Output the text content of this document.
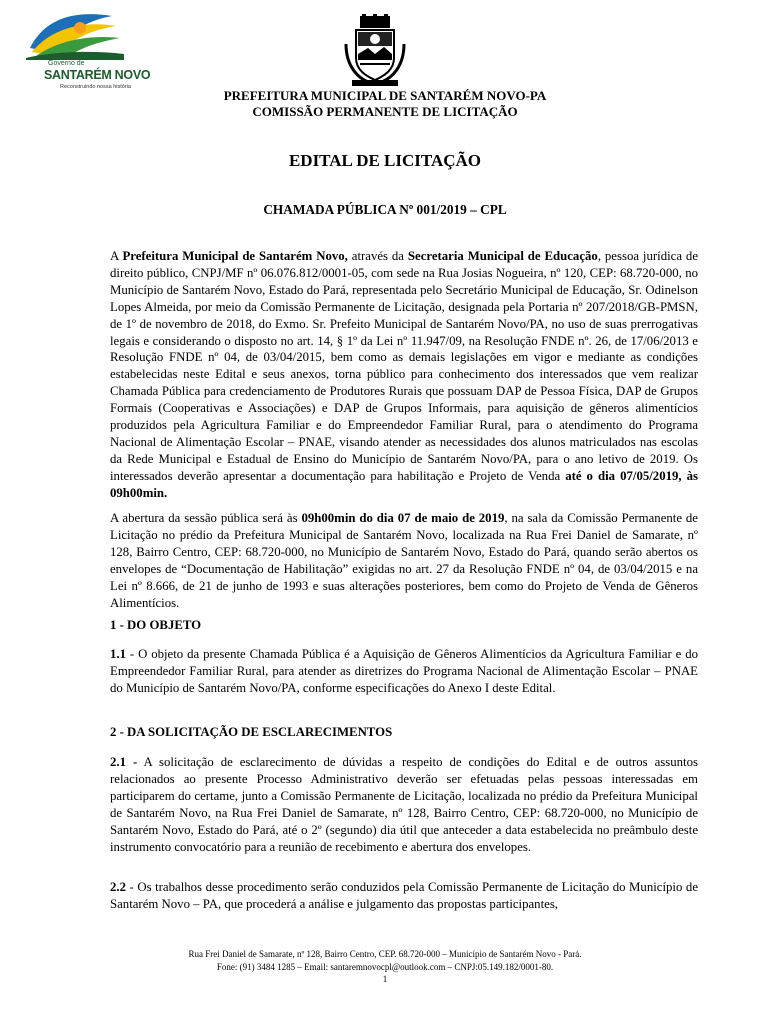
Governo de
SANTARÉM NOVO
Reconstruindo nossa história
PREFEITURA MUNICIPAL DE SANTARÉM NOVO-PA
COMISSÃO PERMANENTE DE LICITAÇÃO
EDITAL DE LICITAÇÃO
CHAMADA PÚBLICA Nº 001/2019 – CPL

A Prefeitura Municipal de Santarém Novo, através da Secretaria Municipal de Educação, pessoa jurídica de direito público, CNPJ/MF nº 06.076.812/0001-05, com sede na Rua Josias Nogueira, nº 120, CEP: 68.720-000, no Município de Santarém Novo, Estado do Pará, representada pelo Secretário Municipal de Educação, Sr. Odinelson Lopes Almeida, por meio da Comissão Permanente de Licitação, designada pela Portaria nº 207/2018/GB-PMSN, de 1º de novembro de 2018, do Exmo. Sr. Prefeito Municipal de Santarém Novo/PA, no uso de suas prerrogativas legais e considerando o disposto no art. 14, § 1º da Lei nº 11.947/09, na Resolução FNDE nº. 26, de 17/06/2013 e Resolução FNDE nº 04, de 03/04/2015, bem como as demais legislações em vigor e mediante as condições estabelecidas neste Edital e seus anexos, torna público para conhecimento dos interessados que vem realizar Chamada Pública para credenciamento de Produtores Rurais que possuam DAP de Pessoa Física, DAP de Grupos Formais (Cooperativas e Associações) e DAP de Grupos Informais, para aquisição de gêneros alimentícios produzidos pela Agricultura Familiar e do Empreendedor Familiar Rural, para o atendimento do Programa Nacional de Alimentação Escolar – PNAE, visando atender as necessidades dos alunos matriculados nas escolas da Rede Municipal e Estadual de Ensino do Município de Santarém Novo/PA, para o ano letivo de 2019. Os interessados deverão apresentar a documentação para habilitação e Projeto de Venda até o dia 07/05/2019, às 09h00min.

A abertura da sessão pública será às 09h00min do dia 07 de maio de 2019, na sala da Comissão Permanente de Licitação no prédio da Prefeitura Municipal de Santarém Novo, localizada na Rua Frei Daniel de Samarate, nº 128, Bairro Centro, CEP: 68.720-000, no Município de Santarém Novo, Estado do Pará, quando serão abertos os envelopes de “Documentação de Habilitação” exigidas no art. 27 da Resolução FNDE nº 04, de 03/04/2015 e na Lei nº 8.666, de 21 de junho de 1993 e suas alterações posteriores, bem como do Projeto de Venda de Gêneros Alimentícios.

1 - DO OBJETO

1.1 - O objeto da presente Chamada Pública é a Aquisição de Gêneros Alimentícios da Agricultura Familiar e do Empreendedor Familiar Rural, para atender as diretrizes do Programa Nacional de Alimentação Escolar – PNAE do Município de Santarém Novo/PA, conforme especificações do Anexo I deste Edital.

2 - DA SOLICITAÇÃO DE ESCLARECIMENTOS

2.1 - A solicitação de esclarecimento de dúvidas a respeito de condições do Edital e de outros assuntos relacionados ao presente Processo Administrativo deverão ser efetuadas pelas pessoas interessadas em participarem do certame, junto a Comissão Permanente de Licitação, localizada no prédio da Prefeitura Municipal de Santarém Novo, na Rua Frei Daniel de Samarate, nº 128, Bairro Centro, CEP: 68.720-000, no Município de Santarém Novo, Estado do Pará, até o 2º (segundo) dia útil que anteceder a data estabelecida no preâmbulo deste instrumento convocatório para a reunião de recebimento e abertura dos envelopes.

2.2 - Os trabalhos desse procedimento serão conduzidos pela Comissão Permanente de Licitação do Município de Santarém Novo – PA, que procederá a análise e julgamento das propostas participantes,

Rua Frei Daniel de Samarate, nº 128, Bairro Centro, CEP. 68.720-000 – Município de Santarém Novo - Pará.
Fone: (91) 3484 1285 – Email: santaremnovocpl@outlook.com – CNPJ:05.149.182/0001-80.
1
